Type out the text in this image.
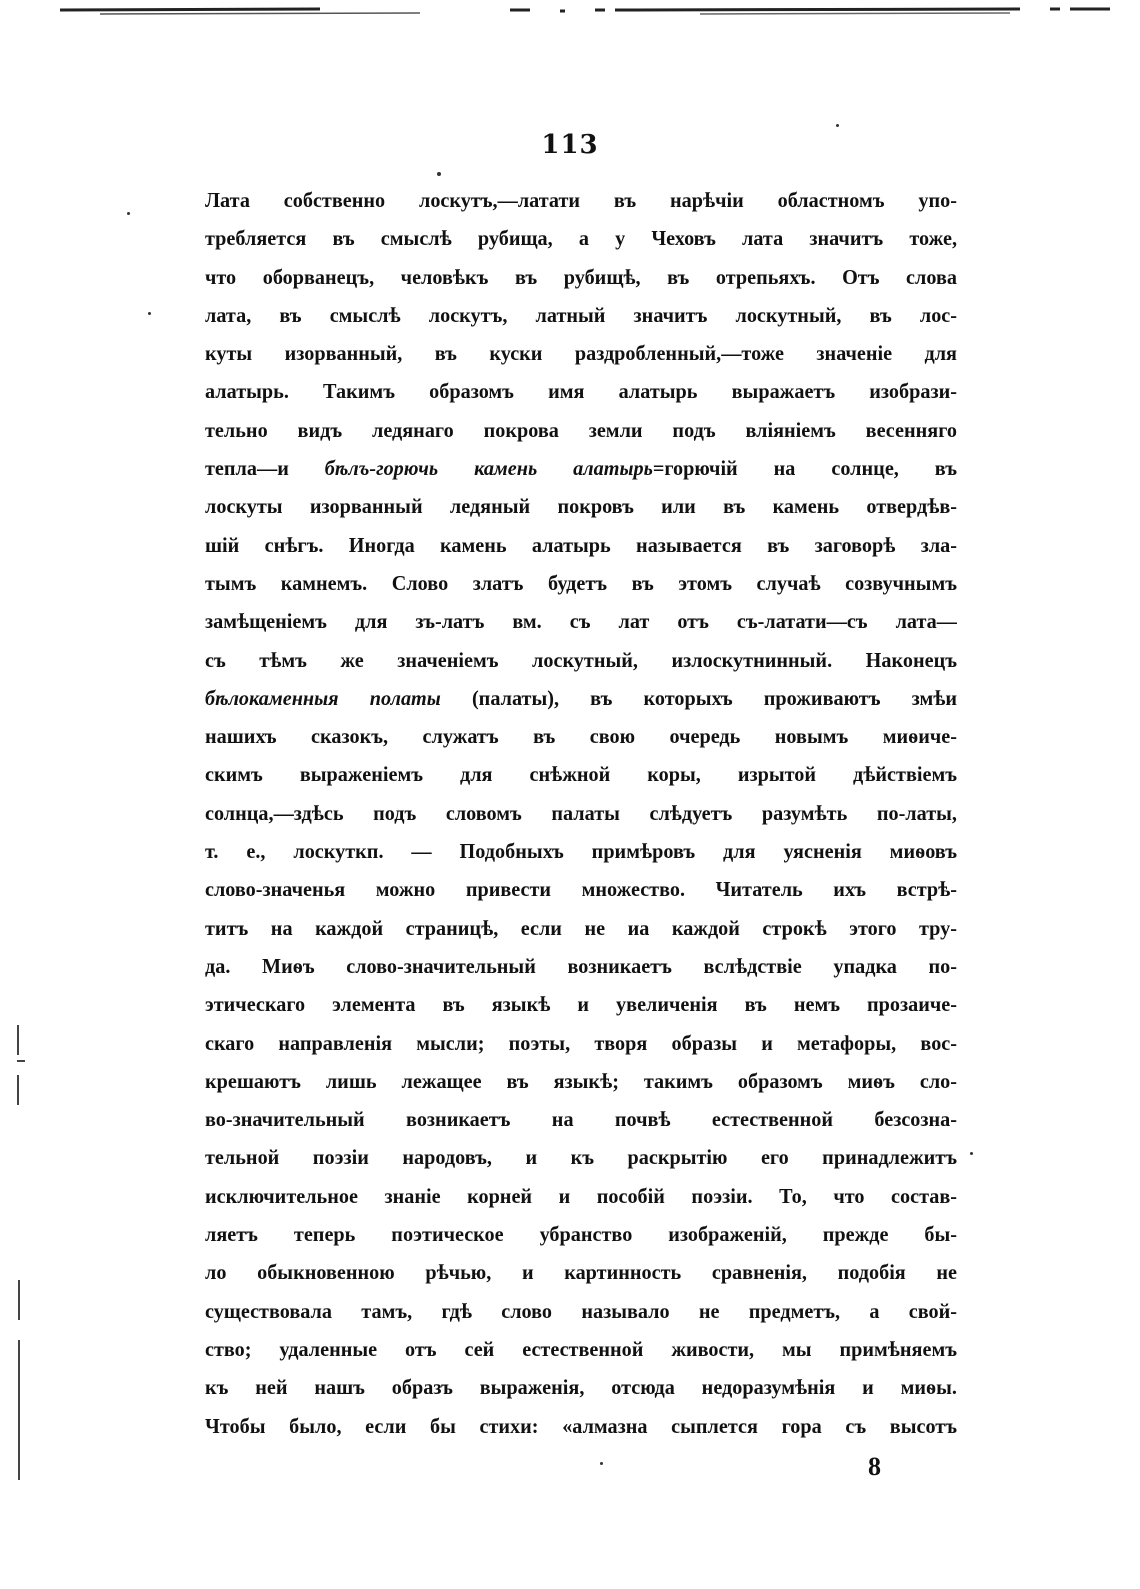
113
Лата собственно лоскутъ,—латати въ нарѣчіи областномъ упо-
требляется въ смыслѣ рубища, а у Чеховъ лата значитъ тоже,
что оборванецъ, человѣкъ въ рубищѣ, въ отрепьяхъ. Отъ слова
лата, въ смыслѣ лоскутъ, латный значитъ лоскутный, въ лос-
куты изорванный, въ куски раздробленный,—тоже значеніе для
алатырь. Такимъ образомъ имя алатырь выражаетъ изобрази-
тельно видъ ледянаго покрова земли подъ вліяніемъ весенняго
тепла—и бѣлъ-горючь камень алатырь=горючій на солнце, въ
лоскуты изорванный ледяный покровъ или въ камень отвердѣв-
шій снѣгъ. Иногда камень алатырь называется въ заговорѣ зла-
тымъ камнемъ. Слово златъ будетъ въ этомъ случаѣ созвучнымъ
замѣщеніемъ для зъ-латъ вм. съ лат отъ съ-латати—съ лата—
съ тѣмъ же значеніемъ лоскутный, излоскутнинный. Наконецъ
бѣлокаменныя полаты (палаты), въ которыхъ проживаютъ змѣи
нашихъ сказокъ, служатъ въ свою очередь новымъ миѳиче-
скимъ выраженіемъ для снѣжной коры, изрытой дѣйствіемъ
солнца,—здѣсь подъ словомъ палаты слѣдуетъ разумѣть по-латы,
т. е., лоскуткп. — Подобныхъ примѣровъ для уясненія миѳовъ
слово-значенья можно привести множество. Читатель ихъ встрѣ-
титъ на каждой страницѣ, если не иа каждой строкѣ этого тру-
да. Миѳъ слово-значительный возникаетъ вслѣдствіе упадка по-
этическаго элемента въ языкѣ и увеличенія въ немъ прозаиче-
скаго направленія мысли; поэты, творя образы и метафоры, вос-
крешаютъ лишь лежащее въ языкѣ; такимъ образомъ миѳъ сло-
во-значительный возникаетъ на почвѣ естественной безсозна-
тельной поэзіи народовъ, и къ раскрытію его принадлежитъ
исключительное знаніе корней и пособій поэзіи. То, что состав-
ляетъ теперь поэтическое убранство изображеній, прежде бы-
ло обыкновенною рѣчью, и картинность сравненія, подобія не
существовала тамъ, гдѣ слово называло не предметъ, а свой-
ство; удаленные отъ сей естественной живости, мы примѣняемъ
къ ней нашъ образъ выраженія, отсюда недоразумѣнія и миѳы.
Чтобы было, если бы стихи: «алмазна сыплется гора съ высотъ
8
